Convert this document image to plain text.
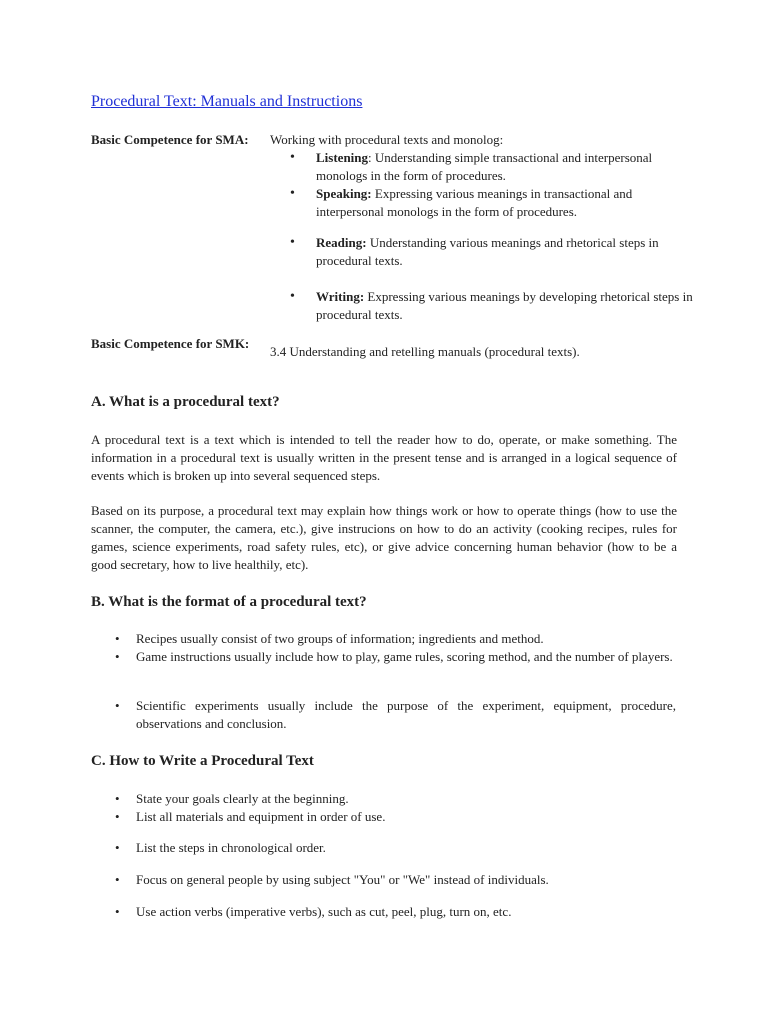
Procedural Text: Manuals and Instructions
Basic Competence for SMA:	Working with procedural texts and monolog:
• Listening: Understanding simple transactional and interpersonal monologs in the form of procedures.
• Speaking: Expressing various meanings in transactional and interpersonal monologs in the form of procedures.
• Reading: Understanding various meanings and rhetorical steps in procedural texts.
• Writing: Expressing various meanings by developing rhetorical steps in procedural texts.
Basic Competence for SMK:
3.4 Understanding and retelling manuals (procedural texts).
A. What is a procedural text?

A procedural text is a text which is intended to tell the reader how to do, operate, or make something. The information in a procedural text is usually written in the present tense and is arranged in a logical sequence of events which is broken up into several sequenced steps.

Based on its purpose, a procedural text may explain how things work or how to operate things (how to use the scanner, the computer, the camera, etc.), give instrucions on how to do an activity (cooking recipes, rules for games, science experiments, road safety rules, etc), or give advice concerning human behavior (how to be a good secretary, how to live healthily, etc).

B. What is the format of a procedural text?
• Recipes usually consist of two groups of information; ingredients and method.
• Game instructions usually include how to play, game rules, scoring method, and the number of players.
• Scientific experiments usually include the purpose of the experiment, equipment, procedure, observations and conclusion.
C. How to Write a Procedural Text
• State your goals clearly at the beginning.
• List all materials and equipment in order of use.
• List the steps in chronological order.
• Focus on general people by using subject "You" or "We" instead of individuals.
• Use action verbs (imperative verbs), such as cut, peel, plug, turn on, etc.
